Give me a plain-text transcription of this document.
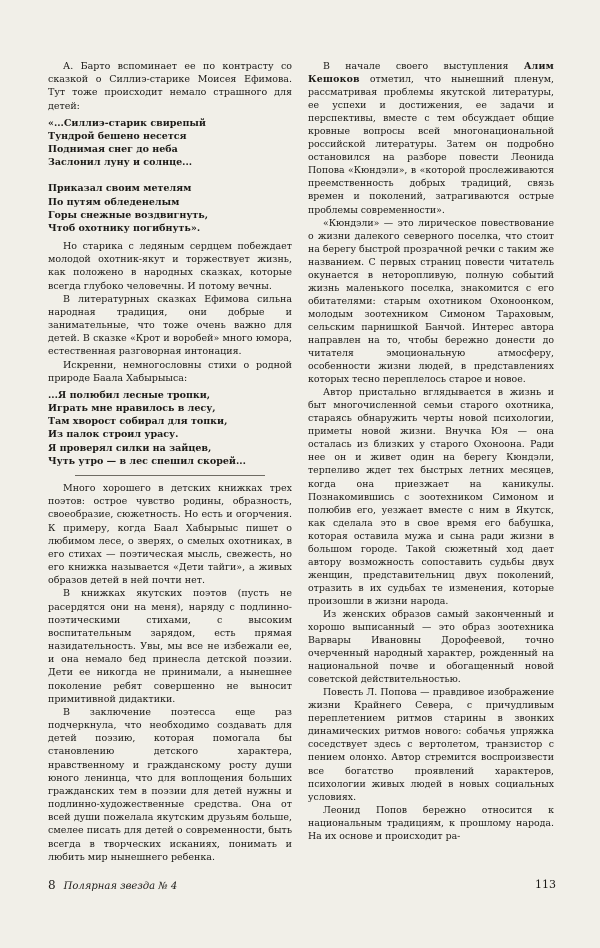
А. Барто вспоминает ее по контрасту со сказкой о Силлиэ-старике Моисея Ефимова. Тут тоже происходит немало страшного для детей:

«...Силлиэ-старик свирепый
Тундрой бешено несется
Поднимая снег до неба
Заслонил луну и солнце...
Приказал своим метелям
По путям обледенелым
Горы снежные воздвигнуть,
Чтоб охотнику погибнуть».

Но старика с ледяным сердцем побеждает молодой охотник-якут и торжествует жизнь, как положено в народных сказках, которые всегда глубоко человечны. И потому вечны.

В литературных сказках Ефимова сильна народная традиция, они добрые и занимательные, что тоже очень важно для детей. В сказке «Крот и воробей» много юмора, естественная разговорная интонация.

Искренни, немногословны стихи о родной природе Баала Хабырыыса:

...Я полюбил лесные тропки,
Играть мне нравилось в лесу,
Там хворост собирал для топки,
Из палок строил урасу.
Я проверял силки на зайцев,
Чуть утро — в лес спешил скорей...

Много хорошего в детских книжках трех поэтов: острое чувство родины, образность, своеобразие, сюжетность. Но есть и огорчения. К примеру, когда Баал Хабырыыс пишет о любимом лесе, о зверях, о смелых охотниках, в его стихах — поэтическая мысль, свежесть, но его книжка называется «Дети тайги», а живых образов детей в ней почти нет.

В книжках якутских поэтов (пусть не расердятся они на меня), наряду с подлинно-поэтическими стихами, с высоким воспитательным зарядом, есть прямая назидательность. Увы, мы все не избежали ее, и она немало бед принесла детской поэзии. Дети ее никогда не принимали, а нынешнее поколение ребят совершенно не выносит примитивной дидактики.

В заключение поэтесса еще раз подчеркнула, что необходимо создавать для детей поэзию, которая помогала бы становлению детского характера, нравственному и гражданскому росту души юного ленинца, что для воплощения больших гражданских тем в поэзии для детей нужны и подлинно-художественные средства. Она от всей души пожелала якутским друзьям больше, смелее писать для детей о современности, быть всегда в творческих исканиях, понимать и любить мир нынешнего ребенка.

В начале своего выступления Алим Кешоков отметил, что нынешний пленум, рассматривая проблемы якутской литературы, ее успехи и достижения, ее задачи и перспективы, вместе с тем обсуждает общие кровные вопросы всей многонациональной российской литературы. Затем он подробно остановился на разборе повести Леонида Попова «Кюндэли», в «которой прослеживаются преемственность добрых традиций, связь времен и поколений, затрагиваются острые проблемы современности».

«Кюндэли» — это лирическое повествование о жизни далекого северного поселка, что стоит на берегу быстрой прозрачной речки с таким же названием. С первых страниц повести читатель окунается в неторопливую, полную событий жизнь маленького поселка, знакомится с его обитателями: старым охотником Охоноонком, молодым зоотехником Симоном Тараховым, сельским парнишкой Банчой. Интерес автора направлен на то, чтобы бережно донести до читателя эмоциональную атмосферу, особенности жизни людей, в представлениях которых тесно переплелось старое и новое.

Автор пристально вглядывается в жизнь и быт многочисленной семьи старого охотника, стараясь обнаружить черты новой психологии, приметы новой жизни. Внучка Юя — она осталась из близких у старого Охоноона. Ради нее он и живет один на берегу Кюндэли, терпеливо ждет тех быстрых летних месяцев, когда она приезжает на каникулы. Познакомившись с зоотехником Симоном и полюбив его, уезжает вместе с ним в Якутск, как сделала это в свое время его бабушка, которая оставила мужа и сына ради жизни в большом городе. Такой сюжетный ход дает автору возможность сопоставить судьбы двух женщин, представительниц двух поколений, отразить в их судьбах те изменения, которые произошли в жизни народа.

Из женских образов самый законченный и хорошо выписанный — это образ зоотехника Варвары Ивановны Дорофеевой, точно очерченный народный характер, рожденный на национальной почве и обогащенный новой советской действительностью.

Повесть Л. Попова — правдивое изображение жизни Крайнего Севера, с причудливым переплетением ритмов старины в звонких динамических ритмов нового: собачья упряжка соседствует здесь с вертолетом, транзистор с пением олонхо. Автор стремится воспроизвести все богатство проявлений характеров, психологии живых людей в новых социальных условиях.

Леонид Попов бережно относится к национальным традициям, к прошлому народа. На их основе и происходит ра-

8 Полярная звезда № 4	113
